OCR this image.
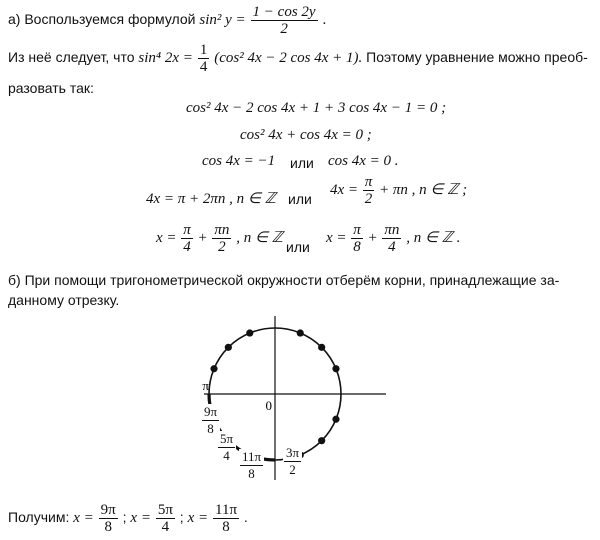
а) Воспользуемся формулой sin² $y = \frac{1 - \cos 2y}{2}$ .
Из неё следует, что sin⁴ $2x = \frac{1}{4} (\cos^2$ 4x − 2 cos 4x + 1). Поэтому уравнение можно преоб-
разовать так:
cos² 4x − 2 cos 4x + 1 + 3 cos 4x − 1 = 0 ;
cos² 4x + cos 4x = 0 ;
cos 4x = −1 или cos 4x = 0 .
4x = π + 2πn , n ∈ ℤ или
$4x = \frac{\pi}{2} + \pi n$ , n ∈ ℤ ;
$x = \frac{\pi}{4} + \frac{\pi n}{2}$ , n ∈ ℤ
или
$x = \frac{\pi}{8} + \frac{\pi n}{4}$ , n ∈ ℤ .
б) При помощи тригонометрической окружности отберём корни, принадлежащие за-
данному отрезку.
0
π
$\frac{9\pi}{8}$
$\frac{5\pi}{4}$
$\frac{11\pi}{8} \frac{3\pi}{2}$
Получим: $x = \frac{9\pi}{8}$ ; $x = \frac{5\pi}{4}$ ; $x = \frac{11\pi}{8}$ .
